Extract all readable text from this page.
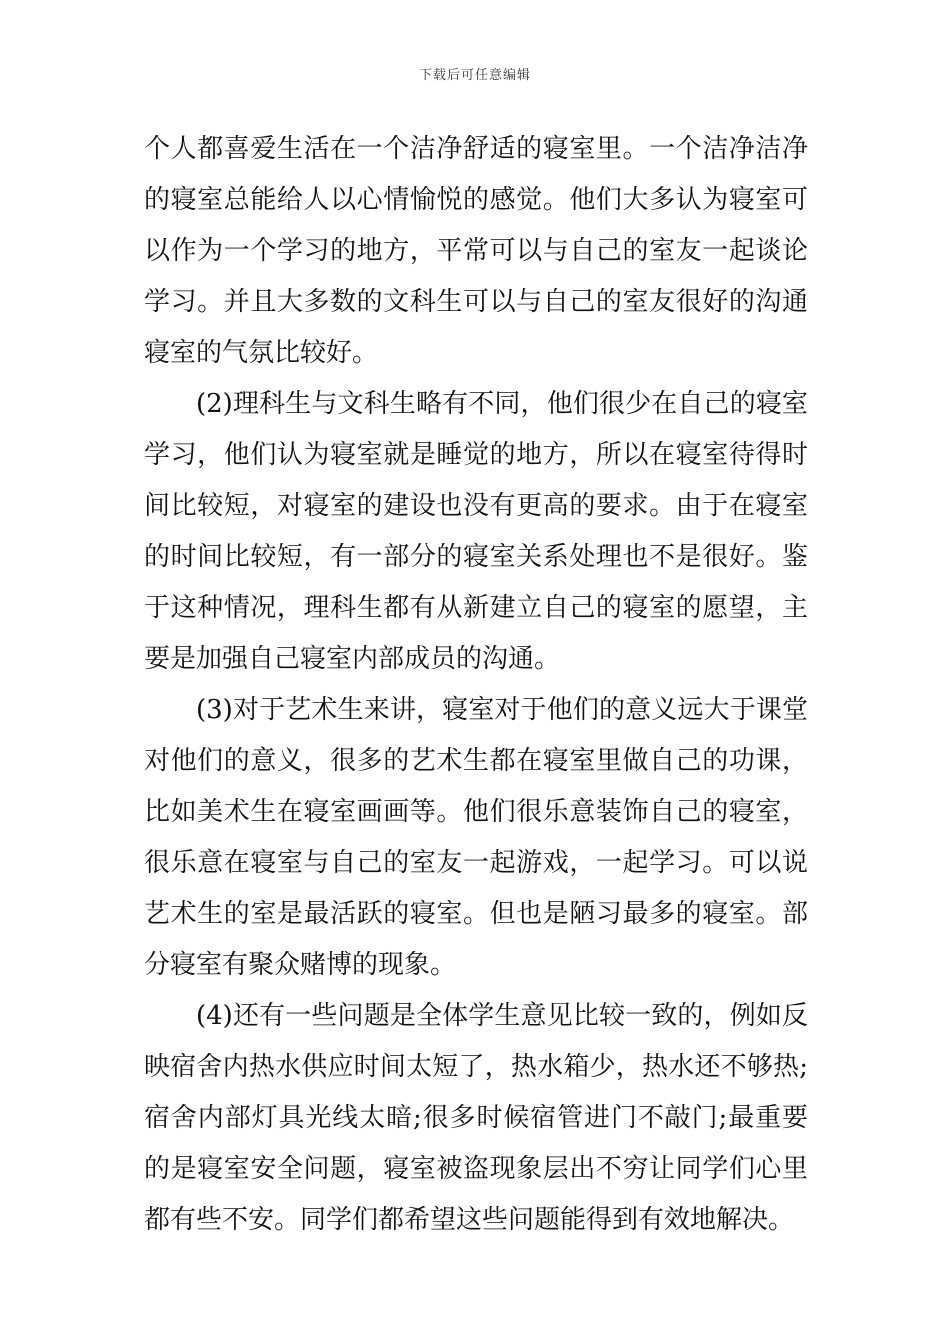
下载后可任意编辑
个人都喜爱生活在一个洁净舒适的寝室里。一个洁净洁净
的寝室总能给人以心情愉悦的感觉。他们大多认为寝室可
以作为一个学习的地方，平常可以与自己的室友一起谈论
学习。并且大多数的文科生可以与自己的室友很好的沟通
寝室的气氛比较好。
(2)理科生与文科生略有不同，他们很少在自己的寝室
学习，他们认为寝室就是睡觉的地方，所以在寝室待得时
间比较短，对寝室的建设也没有更高的要求。由于在寝室
的时间比较短，有一部分的寝室关系处理也不是很好。鉴
于这种情况，理科生都有从新建立自己的寝室的愿望，主
要是加强自己寝室内部成员的沟通。
(3)对于艺术生来讲，寝室对于他们的意义远大于课堂
对他们的意义，很多的艺术生都在寝室里做自己的功课，
比如美术生在寝室画画等。他们很乐意装饰自己的寝室，
很乐意在寝室与自己的室友一起游戏，一起学习。可以说
艺术生的室是最活跃的寝室。但也是陋习最多的寝室。部
分寝室有聚众赌博的现象。
(4)还有一些问题是全体学生意见比较一致的，例如反
映宿舍内热水供应时间太短了，热水箱少，热水还不够热;
宿舍内部灯具光线太暗;很多时候宿管进门不敲门;最重要
的是寝室安全问题，寝室被盗现象层出不穷让同学们心里
都有些不安。同学们都希望这些问题能得到有效地解决。
